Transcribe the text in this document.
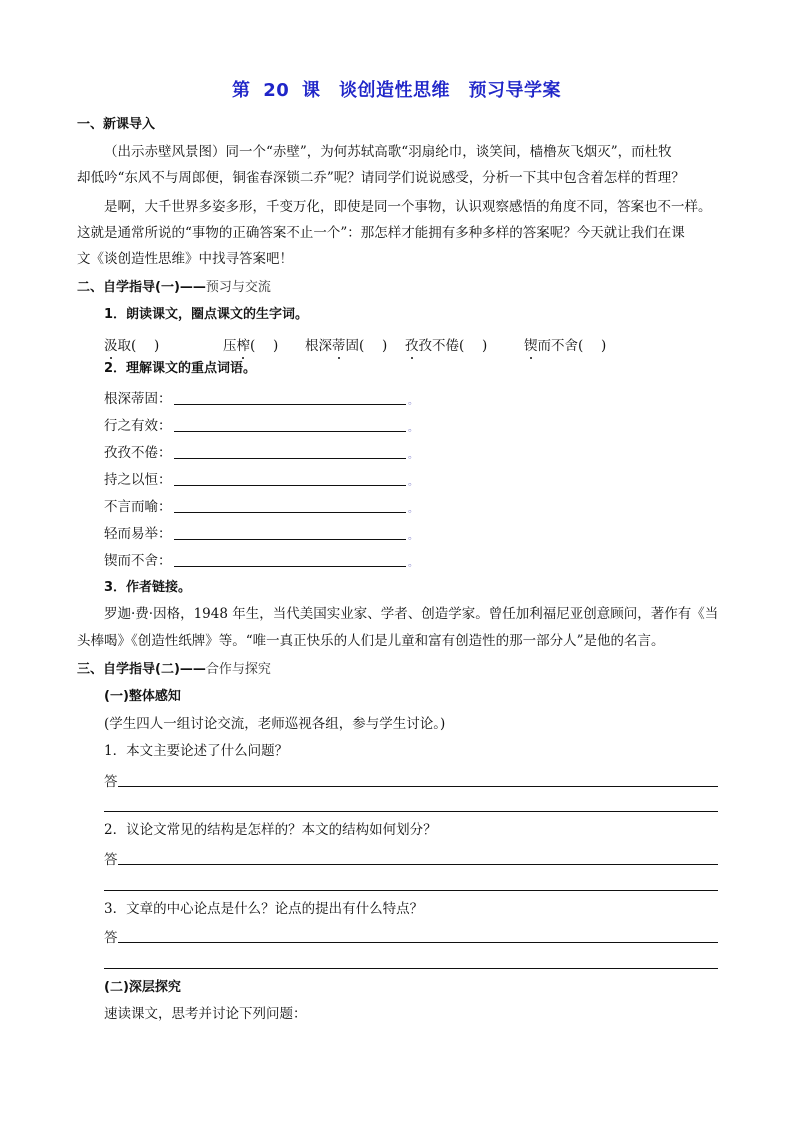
第 20 课　谈创造性思维　预习导学案
一、新课导入
（出示赤壁风景图）同一个“赤壁”，为何苏轼高歌“羽扇纶巾，谈笑间，樯橹灰飞烟灭”，而杜牧
却低吟“东风不与周郎便，铜雀春深锁二乔”呢？请同学们说说感受，分析一下其中包含着怎样的哲理？
是啊，大千世界多姿多形，千变万化，即使是同一个事物，认识观察感悟的角度不同，答案也不一样。
这就是通常所说的“事物的正确答案不止一个”：那怎样才能拥有多种多样的答案呢？今天就让我们在课
文《谈创造性思维》中找寻答案吧！
二、自学指导(一)——预习与交流
1．朗读课文，圈点课文的生字词。
汲取(　 )	压榨(　 ) 根深蒂固(　 ) 孜孜不倦(　 )	锲而不舍(　 )
2．理解课文的重点词语。
根深蒂固：	。
行之有效：	。
孜孜不倦：	。
持之以恒：	。
不言而喻：	。
轻而易举：	。
锲而不舍：	。
3．作者链接。
罗迦·费·因格，1948 年生，当代美国实业家、学者、创造学家。曾任加利福尼亚创意顾问，著作有《当
头棒喝》《创造性纸牌》等。“唯一真正快乐的人们是儿童和富有创造性的那一部分人”是他的名言。
三、自学指导(二)——合作与探究
(一)整体感知
(学生四人一组讨论交流，老师巡视各组，参与学生讨论。)
1．本文主要论述了什么问题？
答
2．议论文常见的结构是怎样的？本文的结构如何划分？
答
3．文章的中心论点是什么？论点的提出有什么特点？
答
(二)深层探究
速读课文，思考并讨论下列问题：
